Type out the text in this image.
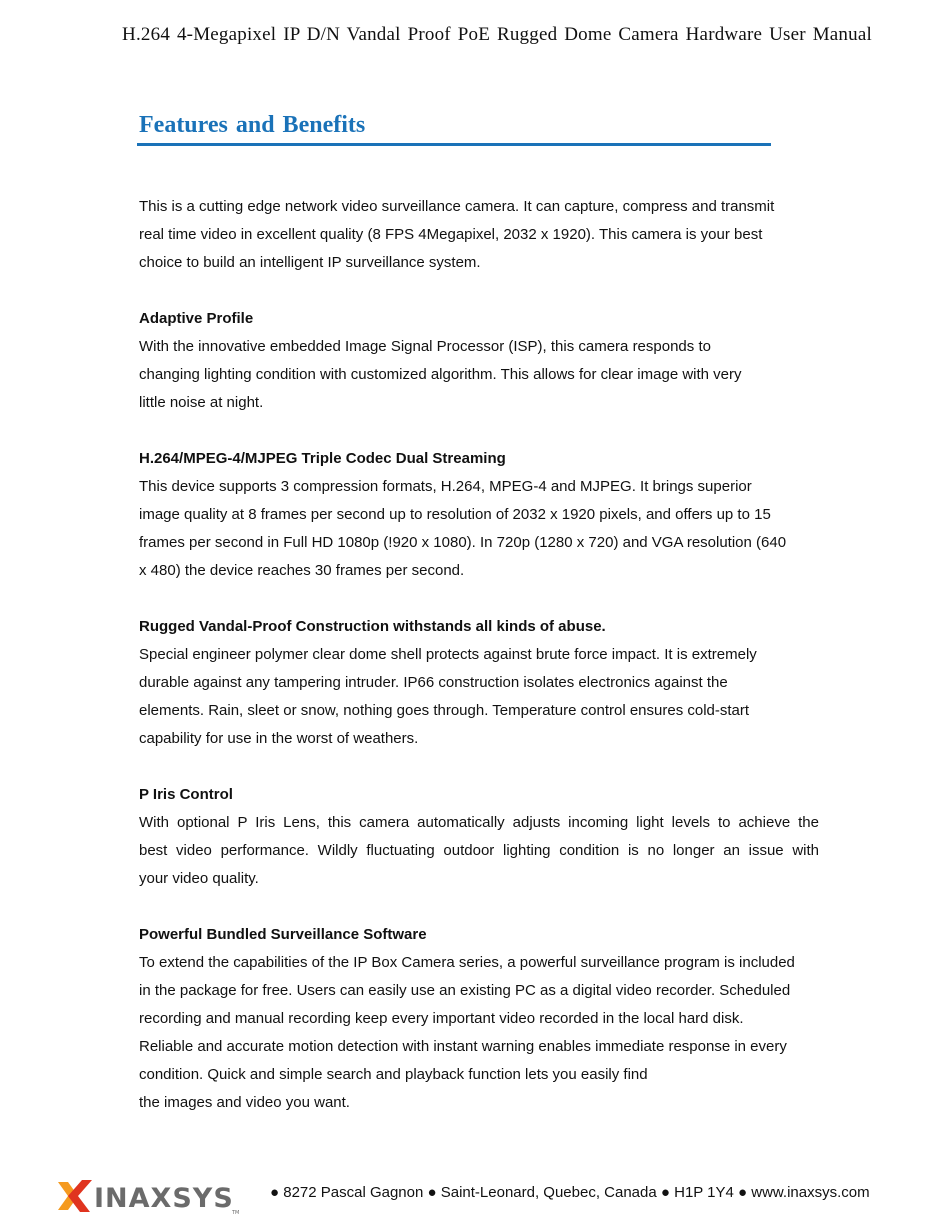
H.264 4-Megapixel IP D/N Vandal Proof PoE Rugged Dome Camera Hardware User Manual
Features and Benefits
This is a cutting edge network video surveillance camera. It can capture, compress and transmit
real time video in excellent quality (8 FPS 4Megapixel, 2032 x 1920). This camera is your best
choice to build an intelligent IP surveillance system.
Adaptive Profile
With the innovative embedded Image Signal Processor (ISP), this camera responds to
changing lighting condition with customized algorithm. This allows for clear image with very
little noise at night.
H.264/MPEG-4/MJPEG Triple Codec Dual Streaming
This device supports 3 compression formats, H.264, MPEG-4 and MJPEG. It brings superior
image quality at 8 frames per second up to resolution of 2032 x 1920 pixels, and offers up to 15
frames per second in Full HD 1080p (!920 x 1080). In 720p (1280 x 720) and VGA resolution (640
x 480) the device reaches 30 frames per second.
Rugged Vandal-Proof Construction withstands all kinds of abuse.
Special engineer polymer clear dome shell protects against brute force impact. It is extremely
durable against any tampering intruder. IP66 construction isolates electronics against the
elements. Rain, sleet or snow, nothing goes through. Temperature control ensures cold-start
capability for use in the worst of weathers.
P Iris Control
With optional P Iris Lens, this camera automatically adjusts incoming light levels to achieve the
best video performance. Wildly fluctuating outdoor lighting condition is no longer an issue with
your video quality.
Powerful Bundled Surveillance Software
To extend the capabilities of the IP Box Camera series, a powerful surveillance program is included
in the package for free. Users can easily use an existing PC as a digital video recorder. Scheduled
recording and manual recording keep every important video recorded in the local hard disk.
Reliable and accurate motion detection with instant warning enables immediate response in every
condition. Quick and simple search and playback function lets you easily find
the images and video you want.
INAXSYS
TM
● 8272 Pascal Gagnon ● Saint-Leonard, Quebec, Canada ● H1P 1Y4 ● www.inaxsys.com
